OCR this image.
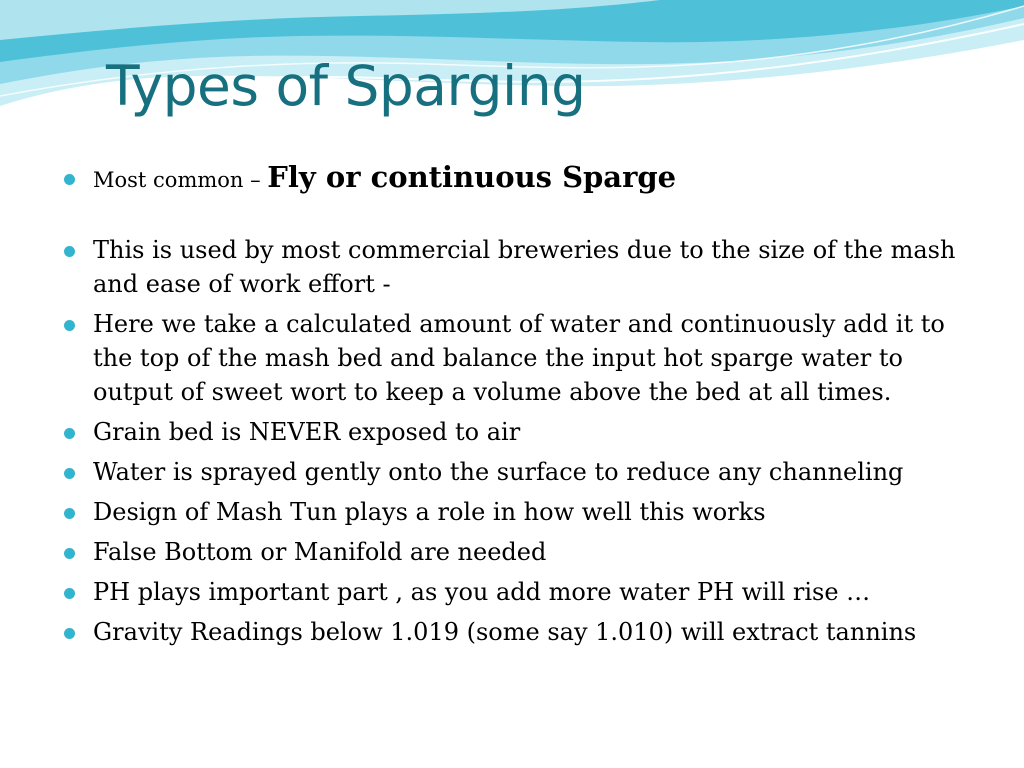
Types of Sparging
Most common – Fly or continuous Sparge
This is used by most commercial breweries due to the size of the mash and ease of work effort -
Here we take a calculated amount of water and continuously add it to the top of the mash bed and balance the input hot sparge water to output of sweet wort to keep a volume above the bed at all times.
Grain bed is NEVER exposed to air
Water is sprayed gently onto the surface to reduce any channeling
Design of Mash Tun plays a role in how well this works
False Bottom or Manifold are needed
PH plays important part , as you add more water PH will rise …
Gravity Readings below 1.019 (some say 1.010) will extract tannins
